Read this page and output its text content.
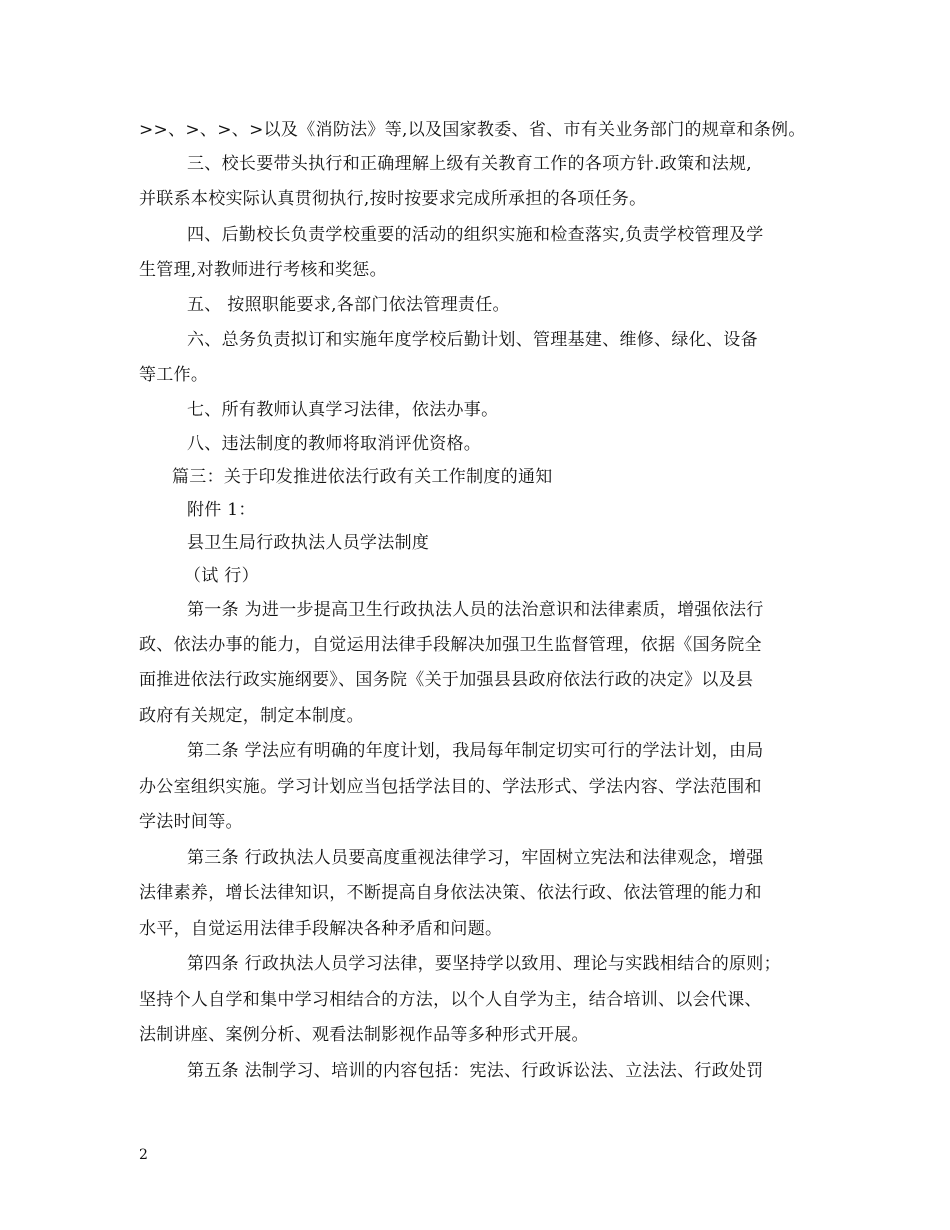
>>、>、>、>以及《消防法》等,以及国家教委、省、市有关业务部门的规章和条例。
三、校长要带头执行和正确理解上级有关教育工作的各项方针.政策和法规,
并联系本校实际认真贯彻执行,按时按要求完成所承担的各项任务。
四、后勤校长负责学校重要的活动的组织实施和检查落实,负责学校管理及学
生管理,对教师进行考核和奖惩。
五、 按照职能要求,各部门依法管理责任。
六、总务负责拟订和实施年度学校后勤计划、管理基建、维修、绿化、设备
等工作。
七、所有教师认真学习法律，依法办事。
八、违法制度的教师将取消评优资格。
篇三：关于印发推进依法行政有关工作制度的通知
附件 1：
县卫生局行政执法人员学法制度
（试 行）
第一条 为进一步提高卫生行政执法人员的法治意识和法律素质，增强依法行
政、依法办事的能力，自觉运用法律手段解决加强卫生监督管理，依据《国务院全
面推进依法行政实施纲要》、国务院《关于加强县县政府依法行政的决定》以及县
政府有关规定，制定本制度。
第二条 学法应有明确的年度计划，我局每年制定切实可行的学法计划，由局
办公室组织实施。学习计划应当包括学法目的、学法形式、学法内容、学法范围和
学法时间等。
第三条 行政执法人员要高度重视法律学习，牢固树立宪法和法律观念，增强
法律素养，增长法律知识，不断提高自身依法决策、依法行政、依法管理的能力和
水平，自觉运用法律手段解决各种矛盾和问题。
第四条 行政执法人员学习法律，要坚持学以致用、理论与实践相结合的原则；
坚持个人自学和集中学习相结合的方法，以个人自学为主，结合培训、以会代课、
法制讲座、案例分析、观看法制影视作品等多种形式开展。
第五条 法制学习、培训的内容包括：宪法、行政诉讼法、立法法、行政处罚
2
